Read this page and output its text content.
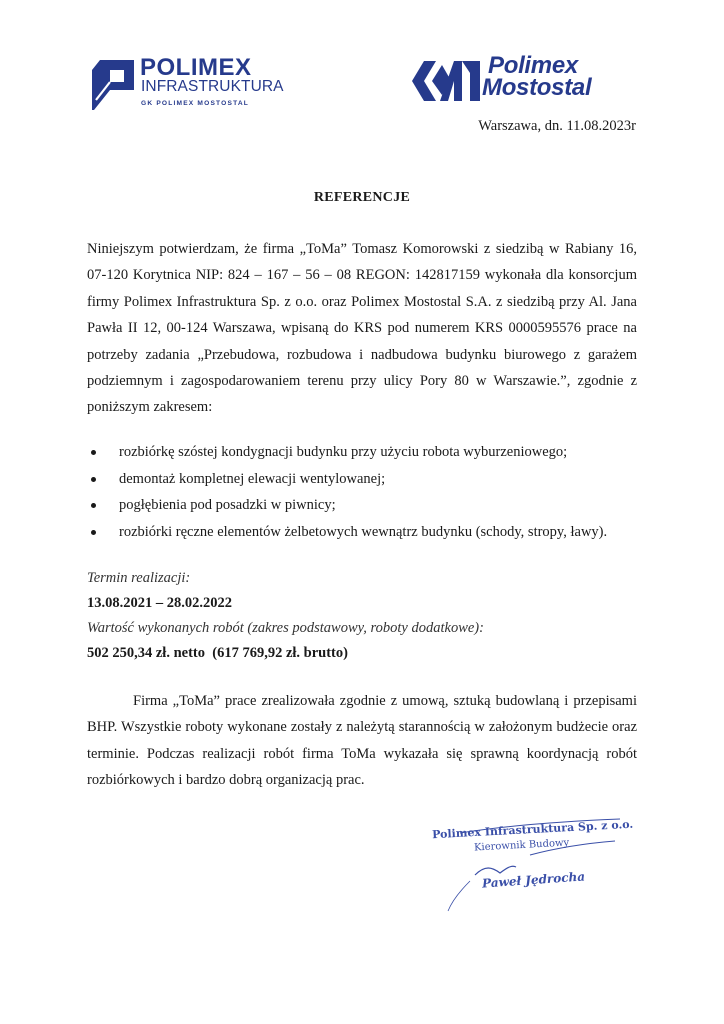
POLIMEX
INFRASTRUKTURA
GK POLIMEX MOSTOSTAL
Polimex
Mostostal
Warszawa, dn. 11.08.2023r
REFERENCJE
Niniejszym potwierdzam, że firma „ToMa” Tomasz Komorowski z siedzibą w Rabiany 16, 07-120 Korytnica NIP: 824 – 167 – 56 – 08 REGON: 142817159 wykonała dla konsorcjum firmy Polimex Infrastruktura Sp. z o.o. oraz Polimex Mostostal S.A. z siedzibą przy Al. Jana Pawła II 12, 00-124 Warszawa, wpisaną do KRS pod numerem KRS 0000595576 prace na potrzeby zadania „Przebudowa, rozbudowa i nadbudowa budynku biurowego z garażem podziemnym i zagospodarowaniem terenu przy ulicy Pory 80 w Warszawie.”, zgodnie z poniższym zakresem:
rozbiórkę szóstej kondygnacji budynku przy użyciu robota wyburzeniowego;
demontaż kompletnej elewacji wentylowanej;
pogłębienia pod posadzki w piwnicy;
rozbiórki ręczne elementów żelbetowych wewnątrz budynku (schody, stropy, ławy).
Termin realizacji:
13.08.2021 – 28.02.2022
Wartość wykonanych robót (zakres podstawowy, roboty dodatkowe):
502 250,34 zł. netto  (617 769,92 zł. brutto)
Firma „ToMa” prace zrealizowała zgodnie z umową, sztuką budowlaną i przepisami BHP. Wszystkie roboty wykonane zostały z należytą starannością w założonym budżecie oraz terminie. Podczas realizacji robót firma ToMa wykazała się sprawną koordynacją robót rozbiórkowych i bardzo dobrą organizacją prac.
Polimex Infrastruktura Sp. z o.o.
Kierownik Budowy
Paweł Jędrocha
